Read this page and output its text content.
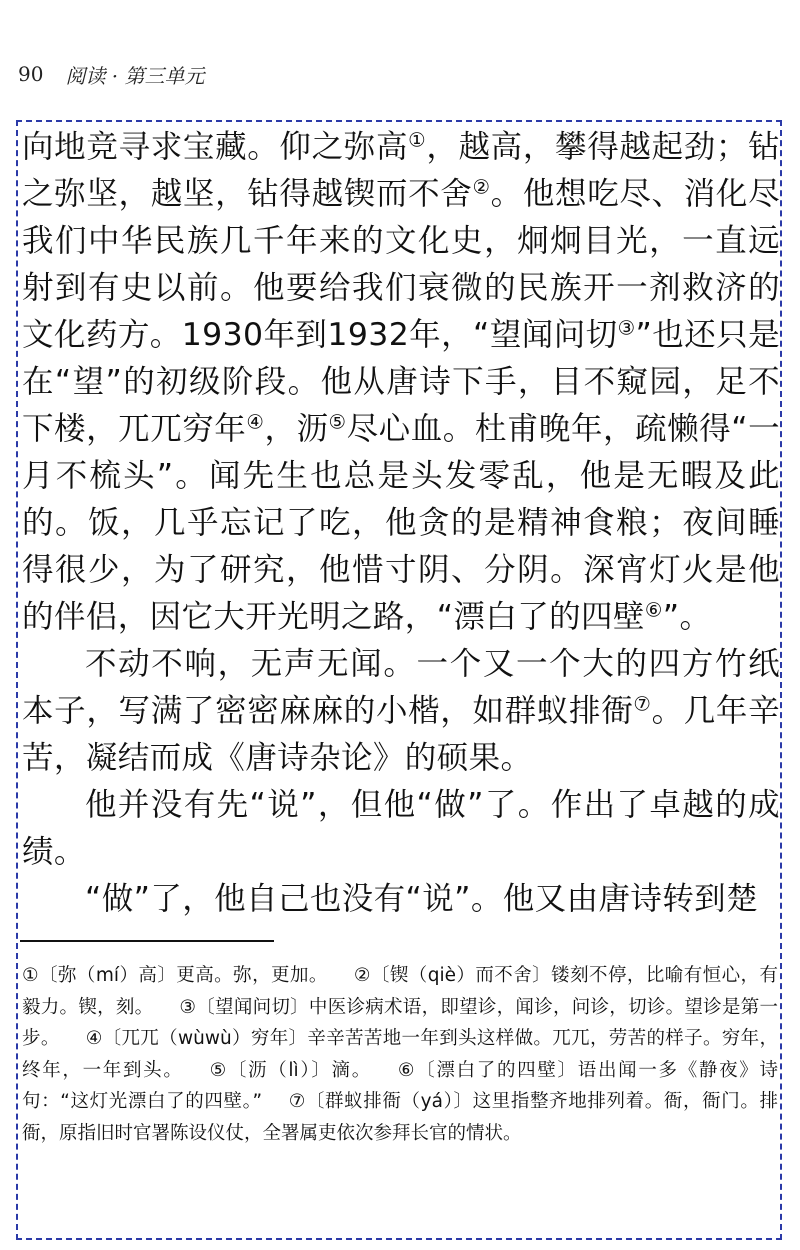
90 阅读 · 第三单元

向地竞寻求宝藏。仰之弥高①，越高，攀得越起劲；钻之弥坚，越坚，钻得越锲而不舍②。他想吃尽、消化尽我们中华民族几千年来的文化史，炯炯目光，一直远射到有史以前。他要给我们衰微的民族开一剂救济的文化药方。1930年到1932年，“望闻问切③”也还只是在“望”的初级阶段。他从唐诗下手，目不窥园，足不下楼，兀兀穷年④，沥⑤尽心血。杜甫晚年，疏懒得“一月不梳头”。闻先生也总是头发零乱，他是无暇及此的。饭，几乎忘记了吃，他贪的是精神食粮；夜间睡得很少，为了研究，他惜寸阴、分阴。深宵灯火是他的伴侣，因它大开光明之路，“漂白了的四壁⑥”。

不动不响，无声无闻。一个又一个大的四方竹纸本子，写满了密密麻麻的小楷，如群蚁排衙⑦。几年辛苦，凝结而成《唐诗杂论》的硕果。

他并没有先“说”，但他“做”了。作出了卓越的成绩。

“做”了，他自己也没有“说”。他又由唐诗转到楚

①〔弥（mí）高〕更高。弥，更加。 ②〔锲（qiè）而不舍〕镂刻不停，比喻有恒心，有毅力。锲，刻。 ③〔望闻问切〕中医诊病术语，即望诊，闻诊，问诊，切诊。望诊是第一步。 ④〔兀兀（wùwù）穷年〕辛辛苦苦地一年到头这样做。兀兀，劳苦的样子。穷年，终年，一年到头。 ⑤〔沥（lì）〕滴。 ⑥〔漂白了的四壁〕语出闻一多《静夜》诗句：“这灯光漂白了的四壁。” ⑦〔群蚁排衙（yá）〕这里指整齐地排列着。衙，衙门。排衙，原指旧时官署陈设仪仗，全署属吏依次参拜长官的情状。
